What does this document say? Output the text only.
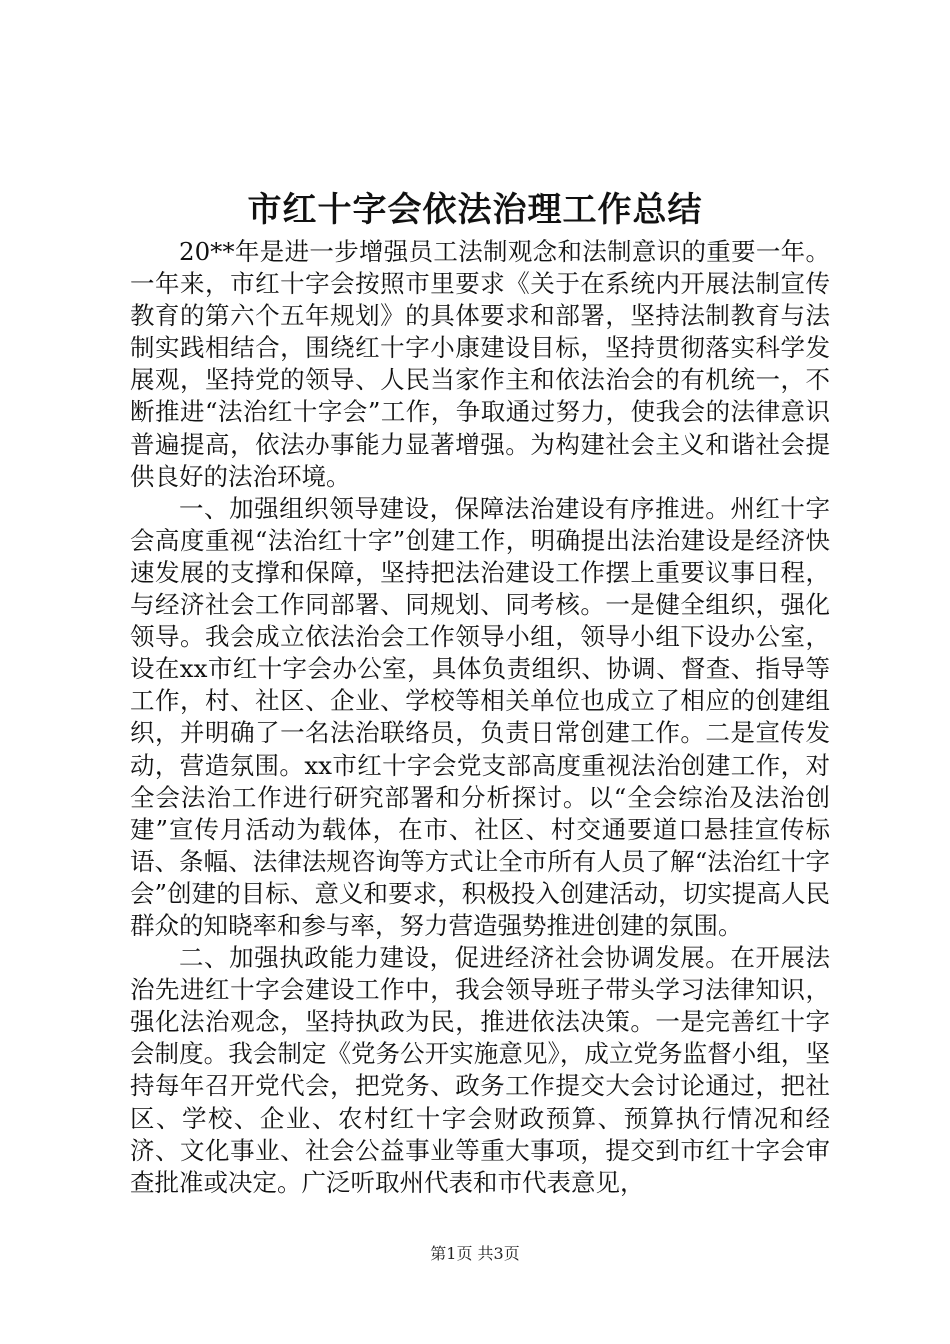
市红十字会依法治理工作总结

20**年是进一步增强员工法制观念和法制意识的重要一年。一年来，市红十字会按照市里要求《关于在系统内开展法制宣传教育的第六个五年规划》的具体要求和部署，坚持法制教育与法制实践相结合，围绕红十字小康建设目标，坚持贯彻落实科学发展观，坚持党的领导、人民当家作主和依法治会的有机统一，不断推进“法治红十字会”工作，争取通过努力，使我会的法律意识普遍提高，依法办事能力显著增强。为构建社会主义和谐社会提供良好的法治环境。

一、加强组织领导建设，保障法治建设有序推进。州红十字会高度重视“法治红十字”创建工作，明确提出法治建设是经济快速发展的支撑和保障，坚持把法治建设工作摆上重要议事日程，与经济社会工作同部署、同规划、同考核。一是健全组织，强化领导。我会成立依法治会工作领导小组，领导小组下设办公室，设在xx市红十字会办公室，具体负责组织、协调、督查、指导等工作，村、社区、企业、学校等相关单位也成立了相应的创建组织，并明确了一名法治联络员，负责日常创建工作。二是宣传发动，营造氛围。xx市红十字会党支部高度重视法治创建工作，对全会法治工作进行研究部署和分析探讨。以“全会综治及法治创建”宣传月活动为载体，在市、社区、村交通要道口悬挂宣传标语、条幅、法律法规咨询等方式让全市所有人员了解“法治红十字会”创建的目标、意义和要求，积极投入创建活动，切实提高人民群众的知晓率和参与率，努力营造强势推进创建的氛围。

二、加强执政能力建设，促进经济社会协调发展。在开展法治先进红十字会建设工作中，我会领导班子带头学习法律知识，强化法治观念，坚持执政为民，推进依法决策。一是完善红十字会制度。我会制定《党务公开实施意见》，成立党务监督小组，坚持每年召开党代会，把党务、政务工作提交大会讨论通过，把社区、学校、企业、农村红十字会财政预算、预算执行情况和经济、文化事业、社会公益事业等重大事项，提交到市红十字会审查批准或决定。广泛听取州代表和市代表意见，

第1页 共3页
